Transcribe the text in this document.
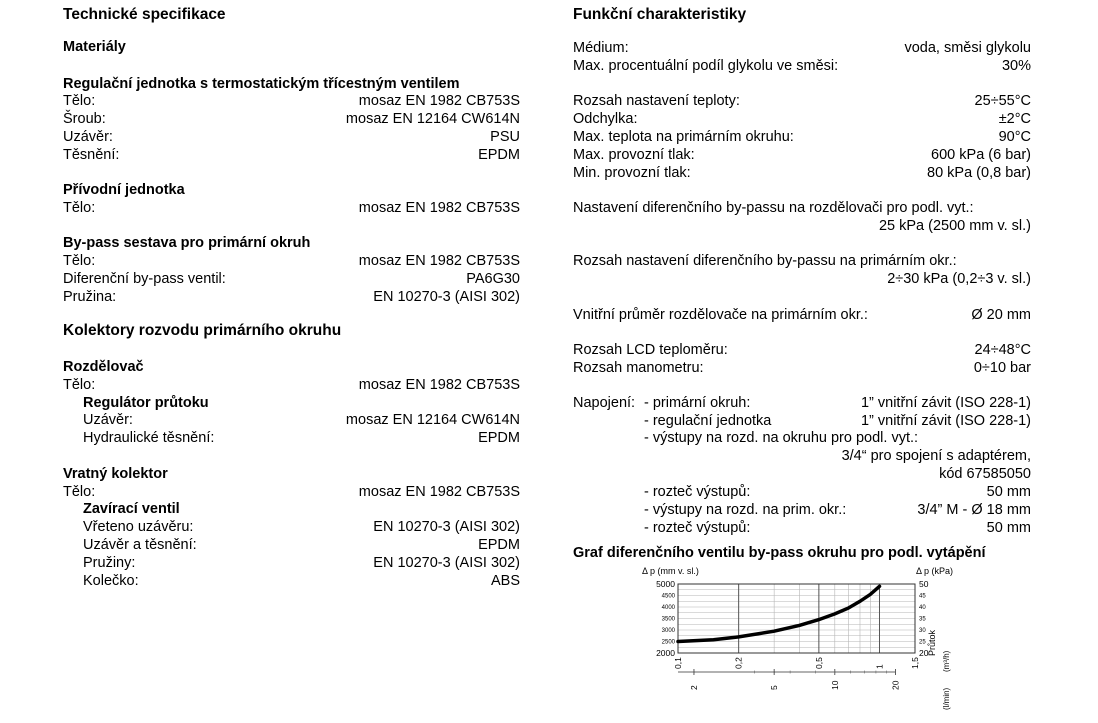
Technické specifikace
Materiály
Regulační jednotka s termostatickým třícestným ventilem
Tělo:	mosaz EN 1982 CB753S
Šroub:	mosaz EN 12164 CW614N
Uzávěr:	PSU
Těsnění:	EPDM
Přívodní jednotka
Tělo:	mosaz EN 1982 CB753S
By-pass sestava pro primární okruh
Tělo:	mosaz EN 1982 CB753S
Diferenční by-pass ventil:	PA6G30
Pružina:	EN 10270-3 (AISI 302)
Kolektory rozvodu primárního okruhu
Rozdělovač
Tělo:	mosaz EN 1982 CB753S
Regulátor průtoku
Uzávěr:	mosaz EN 12164 CW614N
Hydraulické těsnění:	EPDM
Vratný kolektor
Tělo:	mosaz EN 1982 CB753S
Zavírací ventil
Vřeteno uzávěru:	EN 10270-3 (AISI 302)
Uzávěr a těsnění:	EPDM
Pružiny:	EN 10270-3 (AISI 302)
Kolečko:	ABS
Funkční charakteristiky
Médium:	voda, směsi glykolu
Max. procentuální podíl glykolu ve směsi:	30%
Rozsah nastavení teploty:	25÷55°C
Odchylka:	±2°C
Max. teplota na primárním okruhu:	90°C
Max. provozní tlak:	600 kPa (6 bar)
Min. provozní tlak:	80 kPa (0,8 bar)
Nastavení diferenčního by-passu na rozdělovači pro podl. vyt.:
25 kPa (2500 mm v. sl.)
Rozsah nastavení diferenčního by-passu na primárním okr.:
2÷30 kPa (0,2÷3 v. sl.)
Vnitřní průměr rozdělovače na primárním okr.:	Ø 20 mm
Rozsah LCD teploměru:	24÷48°C
Rozsah manometru:	0÷10 bar
Napojení: - primární okruh:	1” vnitřní závit (ISO 228-1)
- regulační jednotka	1” vnitřní závit (ISO 228-1)
- výstupy na rozd. na okruhu pro podl. vyt.:
3/4“ pro spojení s adaptérem,
kód 67585050
- rozteč výstupů:	50 mm
- výstupy na rozd. na prim. okr.:	3/4” M - Ø 18 mm
- rozteč výstupů:	50 mm
Graf diferenčního ventilu by-pass okruhu pro podl. vytápění
5000
2000
4500
4000
3500
3000
2500
50
20
45
40
35
30
25
0,1	0,2	0,5	1	1,5
2	5	10	20
Δ p (mm v. sl.)	Δ p (kPa)
Průtok
(m³/h)
(l/min)
